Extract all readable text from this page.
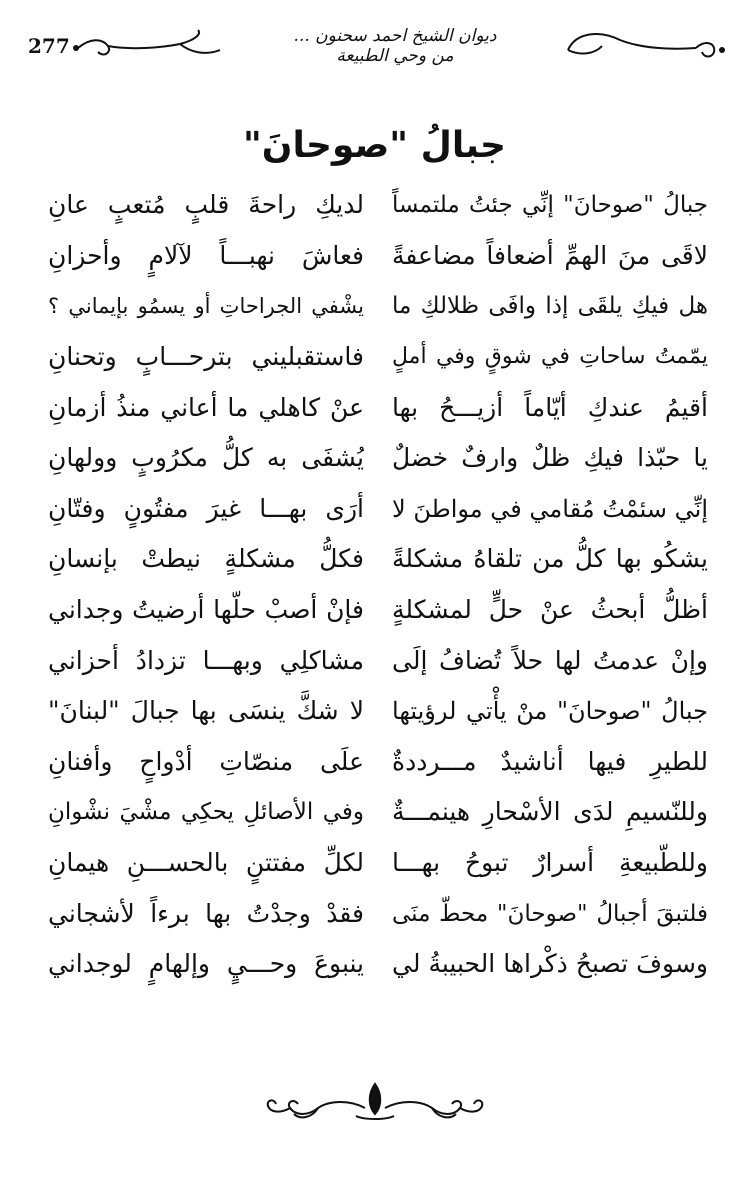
277	ديوان الشيخ احمد سحنون ...
من وحي الطبيعة
جبالُ "صوحانَ"
جبالُ "صوحانَ" إنِّي جئتُ ملتمساً
لديكِ راحةَ قلبٍ مُتعبٍ عانِ
لاقَى منَ الهمِّ أضعافاً مضاعفةً
فعاشَ نهبـــاً لآلامٍ وأحزانِ
هل فيكِ يلقَى إذا وافَى ظلالكِ ما
يشْفي الجراحاتِ أو يسمُو بإيماني ؟
يمّمتُ ساحاتِ في شوقٍ وفي أملٍ
فاستقبليني بترحـــابٍ وتحنانِ
أقيمُ عندكِ أيّاماً أزيـــحُ بها
عنْ كاهلي ما أعاني منذُ أزمانِ
يا حبّذا فيكِ ظلٌ وارفٌ خضلٌ
يُشفَى به كلُّ مكرُوبٍ وولهانِ
إنِّي سئمْتُ مُقامي في مواطنَ لا
أرَى بهـــا غيرَ مفتُونٍ وفتّانِ
يشكُو بها كلُّ من تلقاهُ مشكلةً
فكلُّ مشكلةٍ نيطتْ بإنسانِ
أظلُّ أبحثُ عنْ حلٍّ لمشكلةٍ
فإنْ أصبْ حلّها أرضيتُ وجداني
وإنْ عدمتُ لها حلاً تُضافُ إلَى
مشاكلِي وبهـــا تزدادُ أحزاني
جبالُ "صوحانَ" منْ يأْتي لرؤيتها
لا شكَّ ينسَى بها جبالَ "لبنانَ"
للطيرِ فيها أناشيدٌ مـــرددةٌ
علَى منصّاتِ أدْواحٍ وأفنانِ
وللنّسيمِ لدَى الأسْحارِ هينمـــةٌ
وفي الأصائلِ يحكِي مشْيَ نشْوانِ
وللطّبيعةِ أسرارٌ تبوحُ بهـــا
لكلِّ مفتتنٍ بالحســـنِ هيمانِ
فلتبقَ أجبالُ "صوحانَ" محطّ منَى
فقدْ وجدْتُ بها برءاً لأشجاني
وسوفَ تصبحُ ذكْراها الحبيبةُ لي
ينبوعَ وحـــيٍ وإلهامٍ لوجداني
